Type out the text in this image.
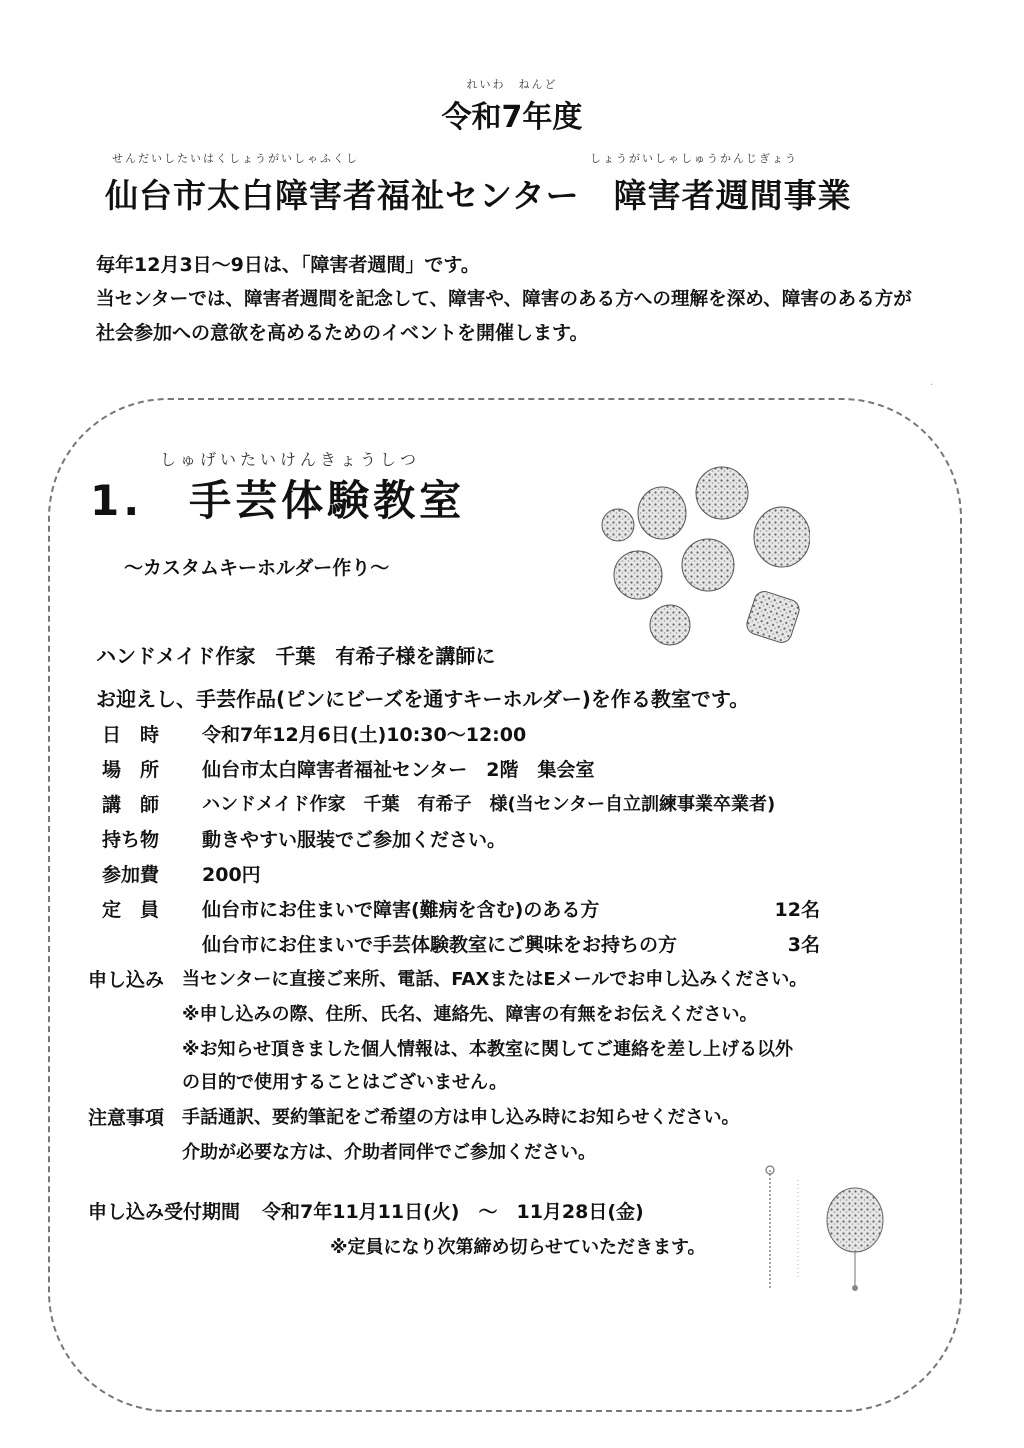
れいわ　ねんど
令和7年度
せんだいしたいはくしょうがいしゃふくし	しょうがいしゃしゅうかんじぎょう
仙台市太白障害者福祉センター　障害者週間事業
毎年12月3日～9日は、「障害者週間」です。
当センターでは、障害者週間を記念して、障害や、障害のある方への理解を深め、障害のある方が
社会参加への意欲を高めるためのイベントを開催します。
·
しゅげいたいけんきょうしつ
1.　手芸体験教室
～カスタムキーホルダー作り～
ハンドメイド作家　千葉　有希子様を講師に
お迎えし、手芸作品(ピンにビーズを通すキーホルダー)を作る教室です。
日　時	令和7年12月6日(土)10:30～12:00
場　所	仙台市太白障害者福祉センター　2階　集会室
講　師	ハンドメイド作家　千葉　有希子　様(当センター自立訓練事業卒業者)
持ち物	動きやすい服装でご参加ください。
参加費	200円
定　員	仙台市にお住まいで障害(難病を含む)のある方	12名
仙台市にお住まいで手芸体験教室にご興味をお持ちの方	3名
申し込み 当センターに直接ご来所、電話、FAXまたはEメールでお申し込みください。
※申し込みの際、住所、氏名、連絡先、障害の有無をお伝えください。
※お知らせ頂きました個人情報は、本教室に関してご連絡を差し上げる以外
の目的で使用することはございません。
注意事項 手話通訳、要約筆記をご希望の方は申し込み時にお知らせください。
介助が必要な方は、介助者同伴でご参加ください。
申し込み受付期間 令和7年11月11日(火)　～　11月28日(金)
※定員になり次第締め切らせていただきます。
